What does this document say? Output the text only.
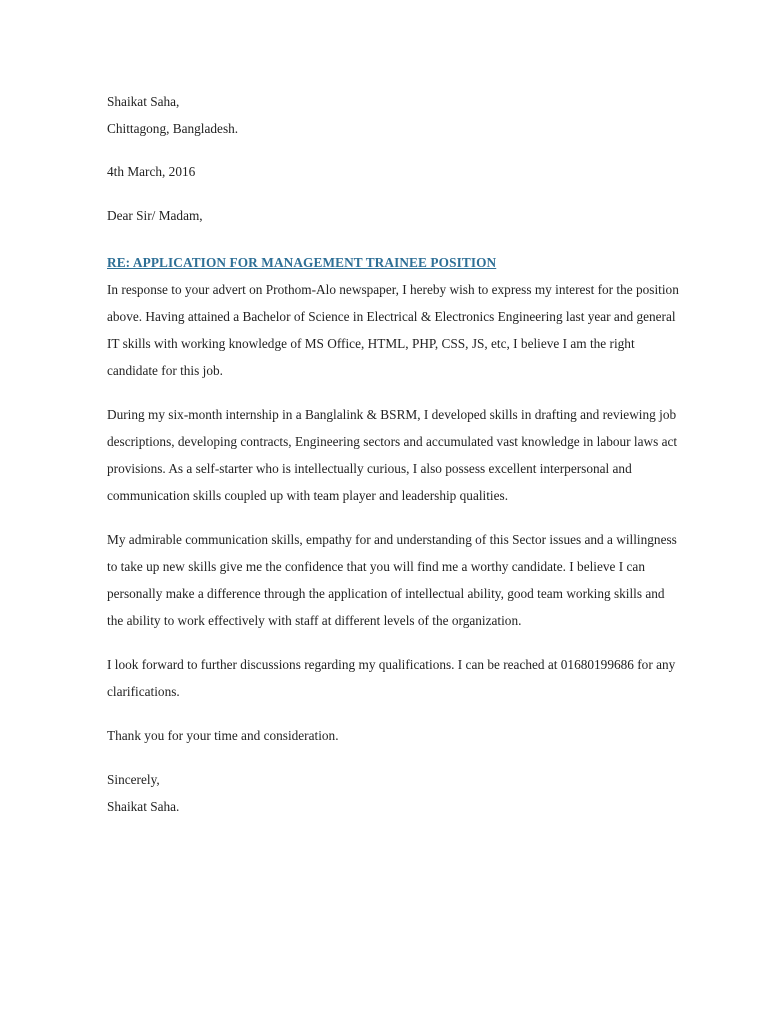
Shaikat Saha,

Chittagong, Bangladesh.

4th March, 2016

Dear Sir/ Madam,

RE: APPLICATION FOR MANAGEMENT TRAINEE POSITION

In response to your advert on Prothom-Alo newspaper, I hereby wish to express my interest for the position above. Having attained a Bachelor of Science in Electrical & Electronics Engineering last year and general IT skills with working knowledge of MS Office, HTML, PHP, CSS, JS, etc, I believe I am the right candidate for this job.

During my six-month internship in a Banglalink & BSRM, I developed skills in drafting and reviewing job descriptions, developing contracts, Engineering sectors and accumulated vast knowledge in labour laws act provisions. As a self-starter who is intellectually curious, I also possess excellent interpersonal and communication skills coupled up with team player and leadership qualities.

My admirable communication skills, empathy for and understanding of this Sector issues and a willingness to take up new skills give me the confidence that you will find me a worthy candidate. I believe I can personally make a difference through the application of intellectual ability, good team working skills and the ability to work effectively with staff at different levels of the organization.

I look forward to further discussions regarding my qualifications. I can be reached at 01680199686 for any clarifications.

Thank you for your time and consideration.

Sincerely,

Shaikat Saha.
